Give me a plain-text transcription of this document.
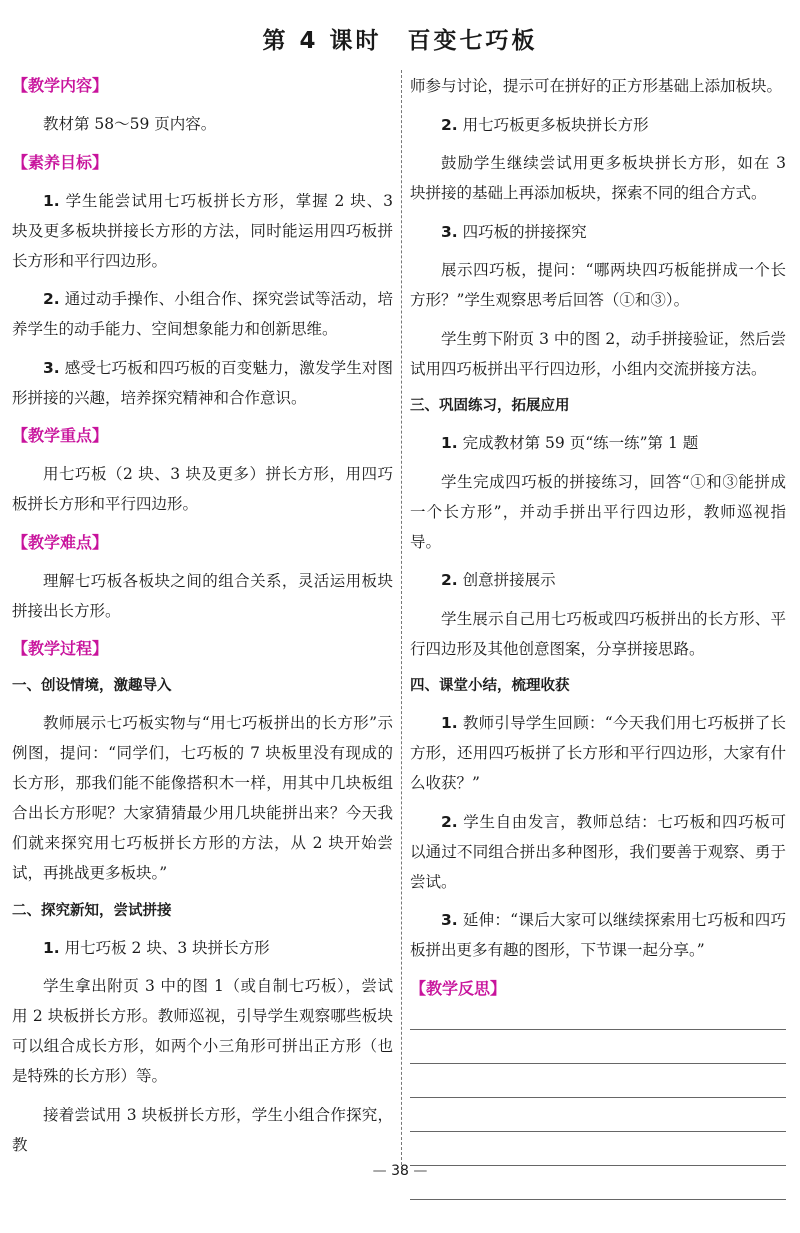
第 4 课时 百变七巧板
【教学内容】

教材第 58～59 页内容。

【素养目标】

1. 学生能尝试用七巧板拼长方形，掌握 2 块、3 块及更多板块拼接长方形的方法，同时能运用四巧板拼长方形和平行四边形。

2. 通过动手操作、小组合作、探究尝试等活动，培养学生的动手能力、空间想象能力和创新思维。

3. 感受七巧板和四巧板的百变魅力，激发学生对图形拼接的兴趣，培养探究精神和合作意识。

【教学重点】

用七巧板（2 块、3 块及更多）拼长方形，用四巧板拼长方形和平行四边形。

【教学难点】

理解七巧板各板块之间的组合关系，灵活运用板块拼接出长方形。

【教学过程】
一、创设情境，激趣导入

教师展示七巧板实物与“用七巧板拼出的长方形”示例图，提问：“同学们，七巧板的 7 块板里没有现成的长方形，那我们能不能像搭积木一样，用其中几块板组合出长方形呢？大家猜猜最少用几块能拼出来？今天我们就来探究用七巧板拼长方形的方法，从 2 块开始尝试，再挑战更多板块。”

二、探究新知，尝试拼接

1. 用七巧板 2 块、3 块拼长方形

学生拿出附页 3 中的图 1（或自制七巧板），尝试用 2 块板拼长方形。教师巡视，引导学生观察哪些板块可以组合成长方形，如两个小三角形可拼出正方形（也是特殊的长方形）等。

接着尝试用 3 块板拼长方形，学生小组合作探究，教

师参与讨论，提示可在拼好的正方形基础上添加板块。

2. 用七巧板更多板块拼长方形

鼓励学生继续尝试用更多板块拼长方形，如在 3 块拼接的基础上再添加板块，探索不同的组合方式。

3. 四巧板的拼接探究

展示四巧板，提问：“哪两块四巧板能拼成一个长方形？”学生观察思考后回答（①和③）。

学生剪下附页 3 中的图 2，动手拼接验证，然后尝试用四巧板拼出平行四边形，小组内交流拼接方法。

三、巩固练习，拓展应用

1. 完成教材第 59 页“练一练”第 1 题

学生完成四巧板的拼接练习，回答“①和③能拼成一个长方形”，并动手拼出平行四边形，教师巡视指导。

2. 创意拼接展示

学生展示自己用七巧板或四巧板拼出的长方形、平行四边形及其他创意图案，分享拼接思路。

四、课堂小结，梳理收获

1. 教师引导学生回顾：“今天我们用七巧板拼了长方形，还用四巧板拼了长方形和平行四边形，大家有什么收获？”

2. 学生自由发言，教师总结：七巧板和四巧板可以通过不同组合拼出多种图形，我们要善于观察、勇于尝试。

3. 延伸：“课后大家可以继续探索用七巧板和四巧板拼出更多有趣的图形，下节课一起分享。”

【教学反思】
— 38 —
